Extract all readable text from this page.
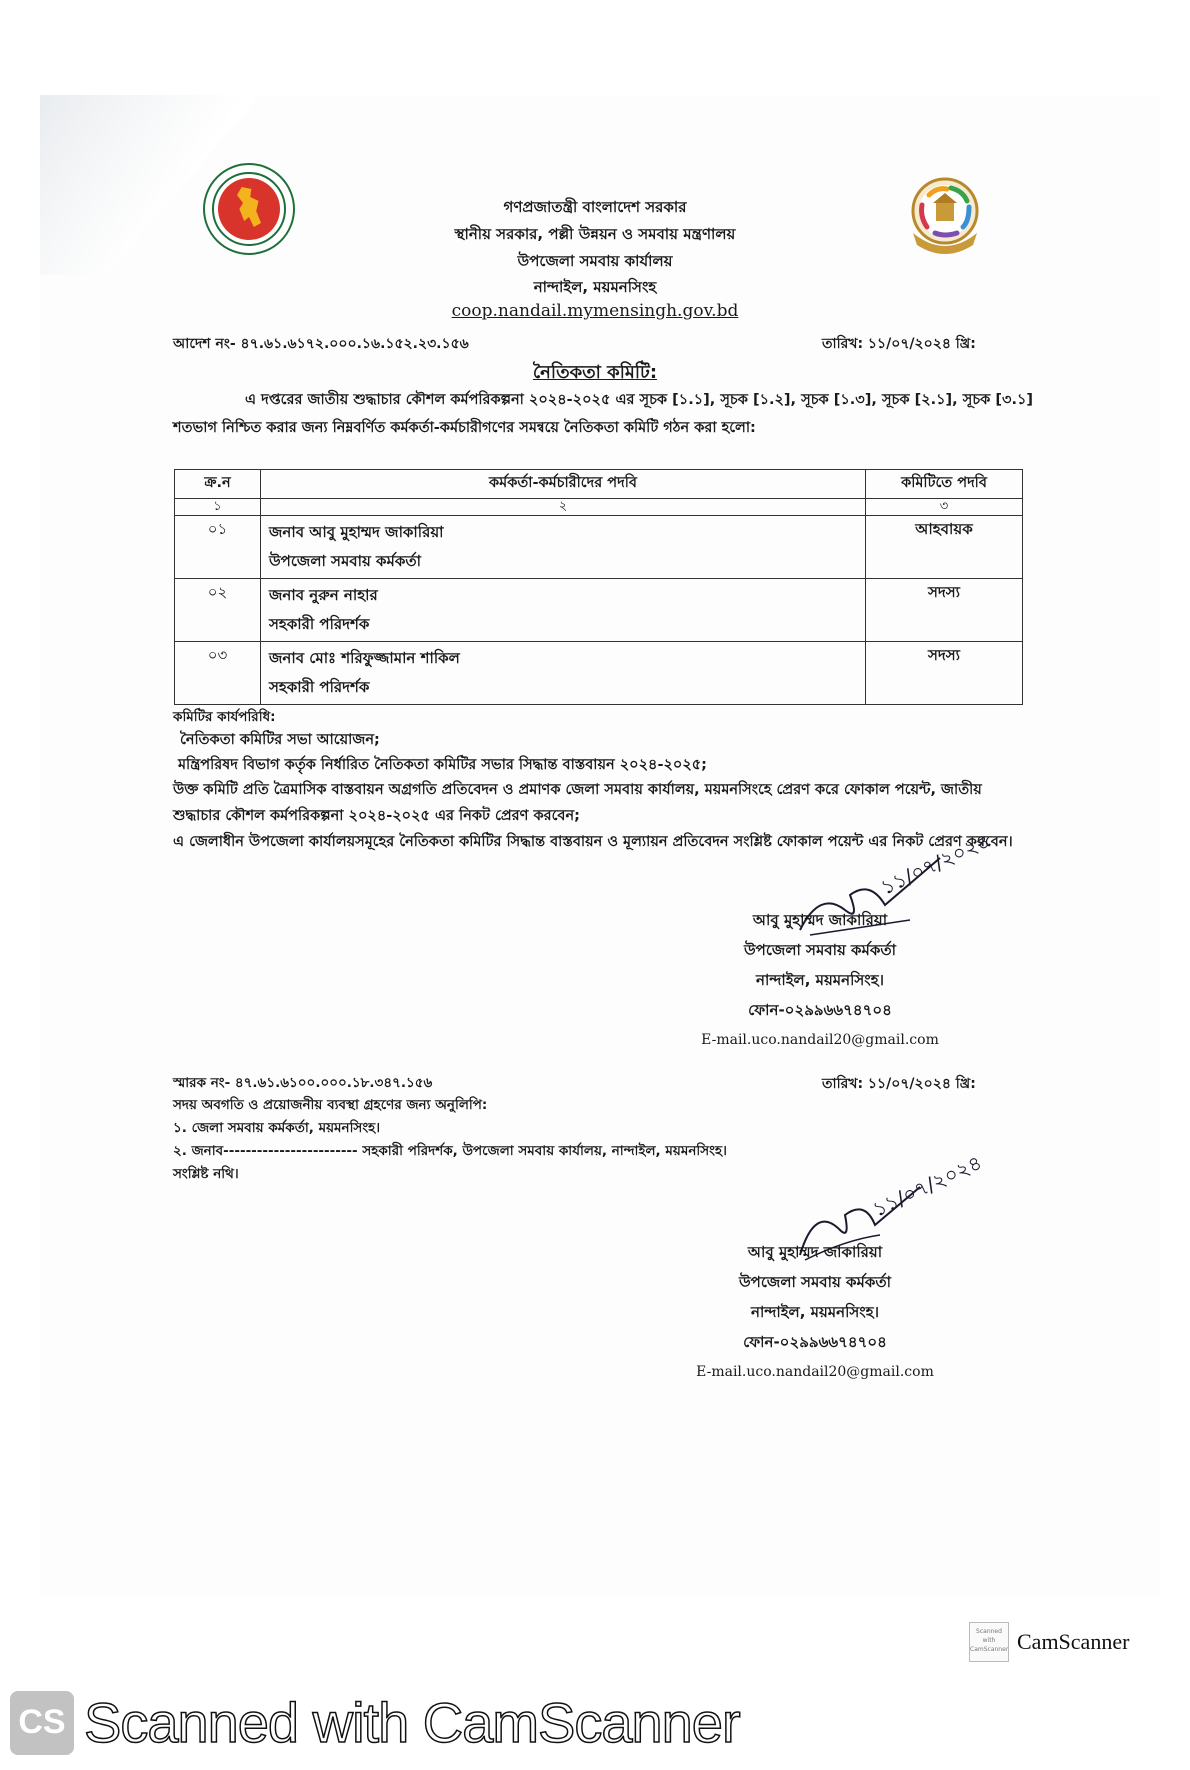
গণপ্রজাতন্ত্রী বাংলাদেশ সরকার
স্থানীয় সরকার, পল্লী উন্নয়ন ও সমবায় মন্ত্রণালয়
উপজেলা সমবায় কার্যালয়
নান্দাইল, ময়মনসিংহ
coop.nandail.mymensingh.gov.bd
আদেশ নং- ৪৭.৬১.৬১৭২.০০০.১৬.১৫২.২৩.১৫৬	তারিখ: ১১/০৭/২০২৪ খ্রি:
নৈতিকতা কমিটি:
এ দপ্তরের জাতীয় শুদ্ধাচার কৌশল কর্মপরিকল্পনা ২০২৪-২০২৫ এর সূচক [১.১], সূচক [১.২], সূচক [১.৩], সূচক [২.১], সূচক [৩.১] শতভাগ নিশ্চিত করার জন্য নিম্নবর্ণিত কর্মকর্তা-কর্মচারীগণের সমন্বয়ে নৈতিকতা কমিটি গঠন করা হলো:
ক্র.ন	কর্মকর্তা-কর্মচারীদের পদবি	কমিটিতে পদবি
১	২	৩
০১	জনাব আবু মুহাম্মদ জাকারিয়া
উপজেলা সমবায় কর্মকর্তা	আহবায়ক
০২	জনাব নুরুন নাহার
সহকারী পরিদর্শক	সদস্য
০৩	জনাব মোঃ শরিফুজ্জামান শাকিল
সহকারী পরিদর্শক	সদস্য
কমিটির কার্যপরিধি:
নৈতিকতা কমিটির সভা আয়োজন;
মন্ত্রিপরিষদ বিভাগ কর্তৃক নির্ধারিত নৈতিকতা কমিটির সভার সিদ্ধান্ত বাস্তবায়ন ২০২৪-২০২৫;
উক্ত কমিটি প্রতি ত্রৈমাসিক বাস্তবায়ন অগ্রগতি প্রতিবেদন ও প্রমাণক জেলা সমবায় কার্যালয়, ময়মনসিংহে প্রেরণ করে ফোকাল পয়েন্ট, জাতীয় শুদ্ধাচার কৌশল কর্মপরিকল্পনা ২০২৪-২০২৫ এর নিকট প্রেরণ করবেন;
এ জেলাধীন উপজেলা কার্যালয়সমূহের নৈতিকতা কমিটির সিদ্ধান্ত বাস্তবায়ন ও মূল্যায়ন প্রতিবেদন সংশ্লিষ্ট ফোকাল পয়েন্ট এর নিকট প্রেরণ করবেন।
১১/০৭/২০২৪
আবু মুহাম্মদ জাকারিয়া
উপজেলা সমবায় কর্মকর্তা
নান্দাইল, ময়মনসিংহ।
ফোন-০২৯৯৬৬৭৪৭০৪
E-mail.uco.nandail20@gmail.com
স্মারক নং- ৪৭.৬১.৬১০০.০০০.১৮.৩৪৭.১৫৬	তারিখ: ১১/০৭/২০২৪ খ্রি:
সদয় অবগতি ও প্রয়োজনীয় ব্যবস্থা গ্রহণের জন্য অনুলিপি:
১. জেলা সমবায় কর্মকর্তা, ময়মনসিংহ।
২. জনাব------------------------ সহকারী পরিদর্শক, উপজেলা সমবায় কার্যালয়, নান্দাইল, ময়মনসিংহ।
সংশ্লিষ্ট নথি।	১১/০৭/২০২৪
আবু মুহাম্মদ জাকারিয়া
উপজেলা সমবায় কর্মকর্তা
নান্দাইল, ময়মনসিংহ।
ফোন-০২৯৯৬৬৭৪৭০৪
E-mail.uco.nandail20@gmail.com
Scanned with CamScanner CamScanner
CS Scanned with CamScanner
